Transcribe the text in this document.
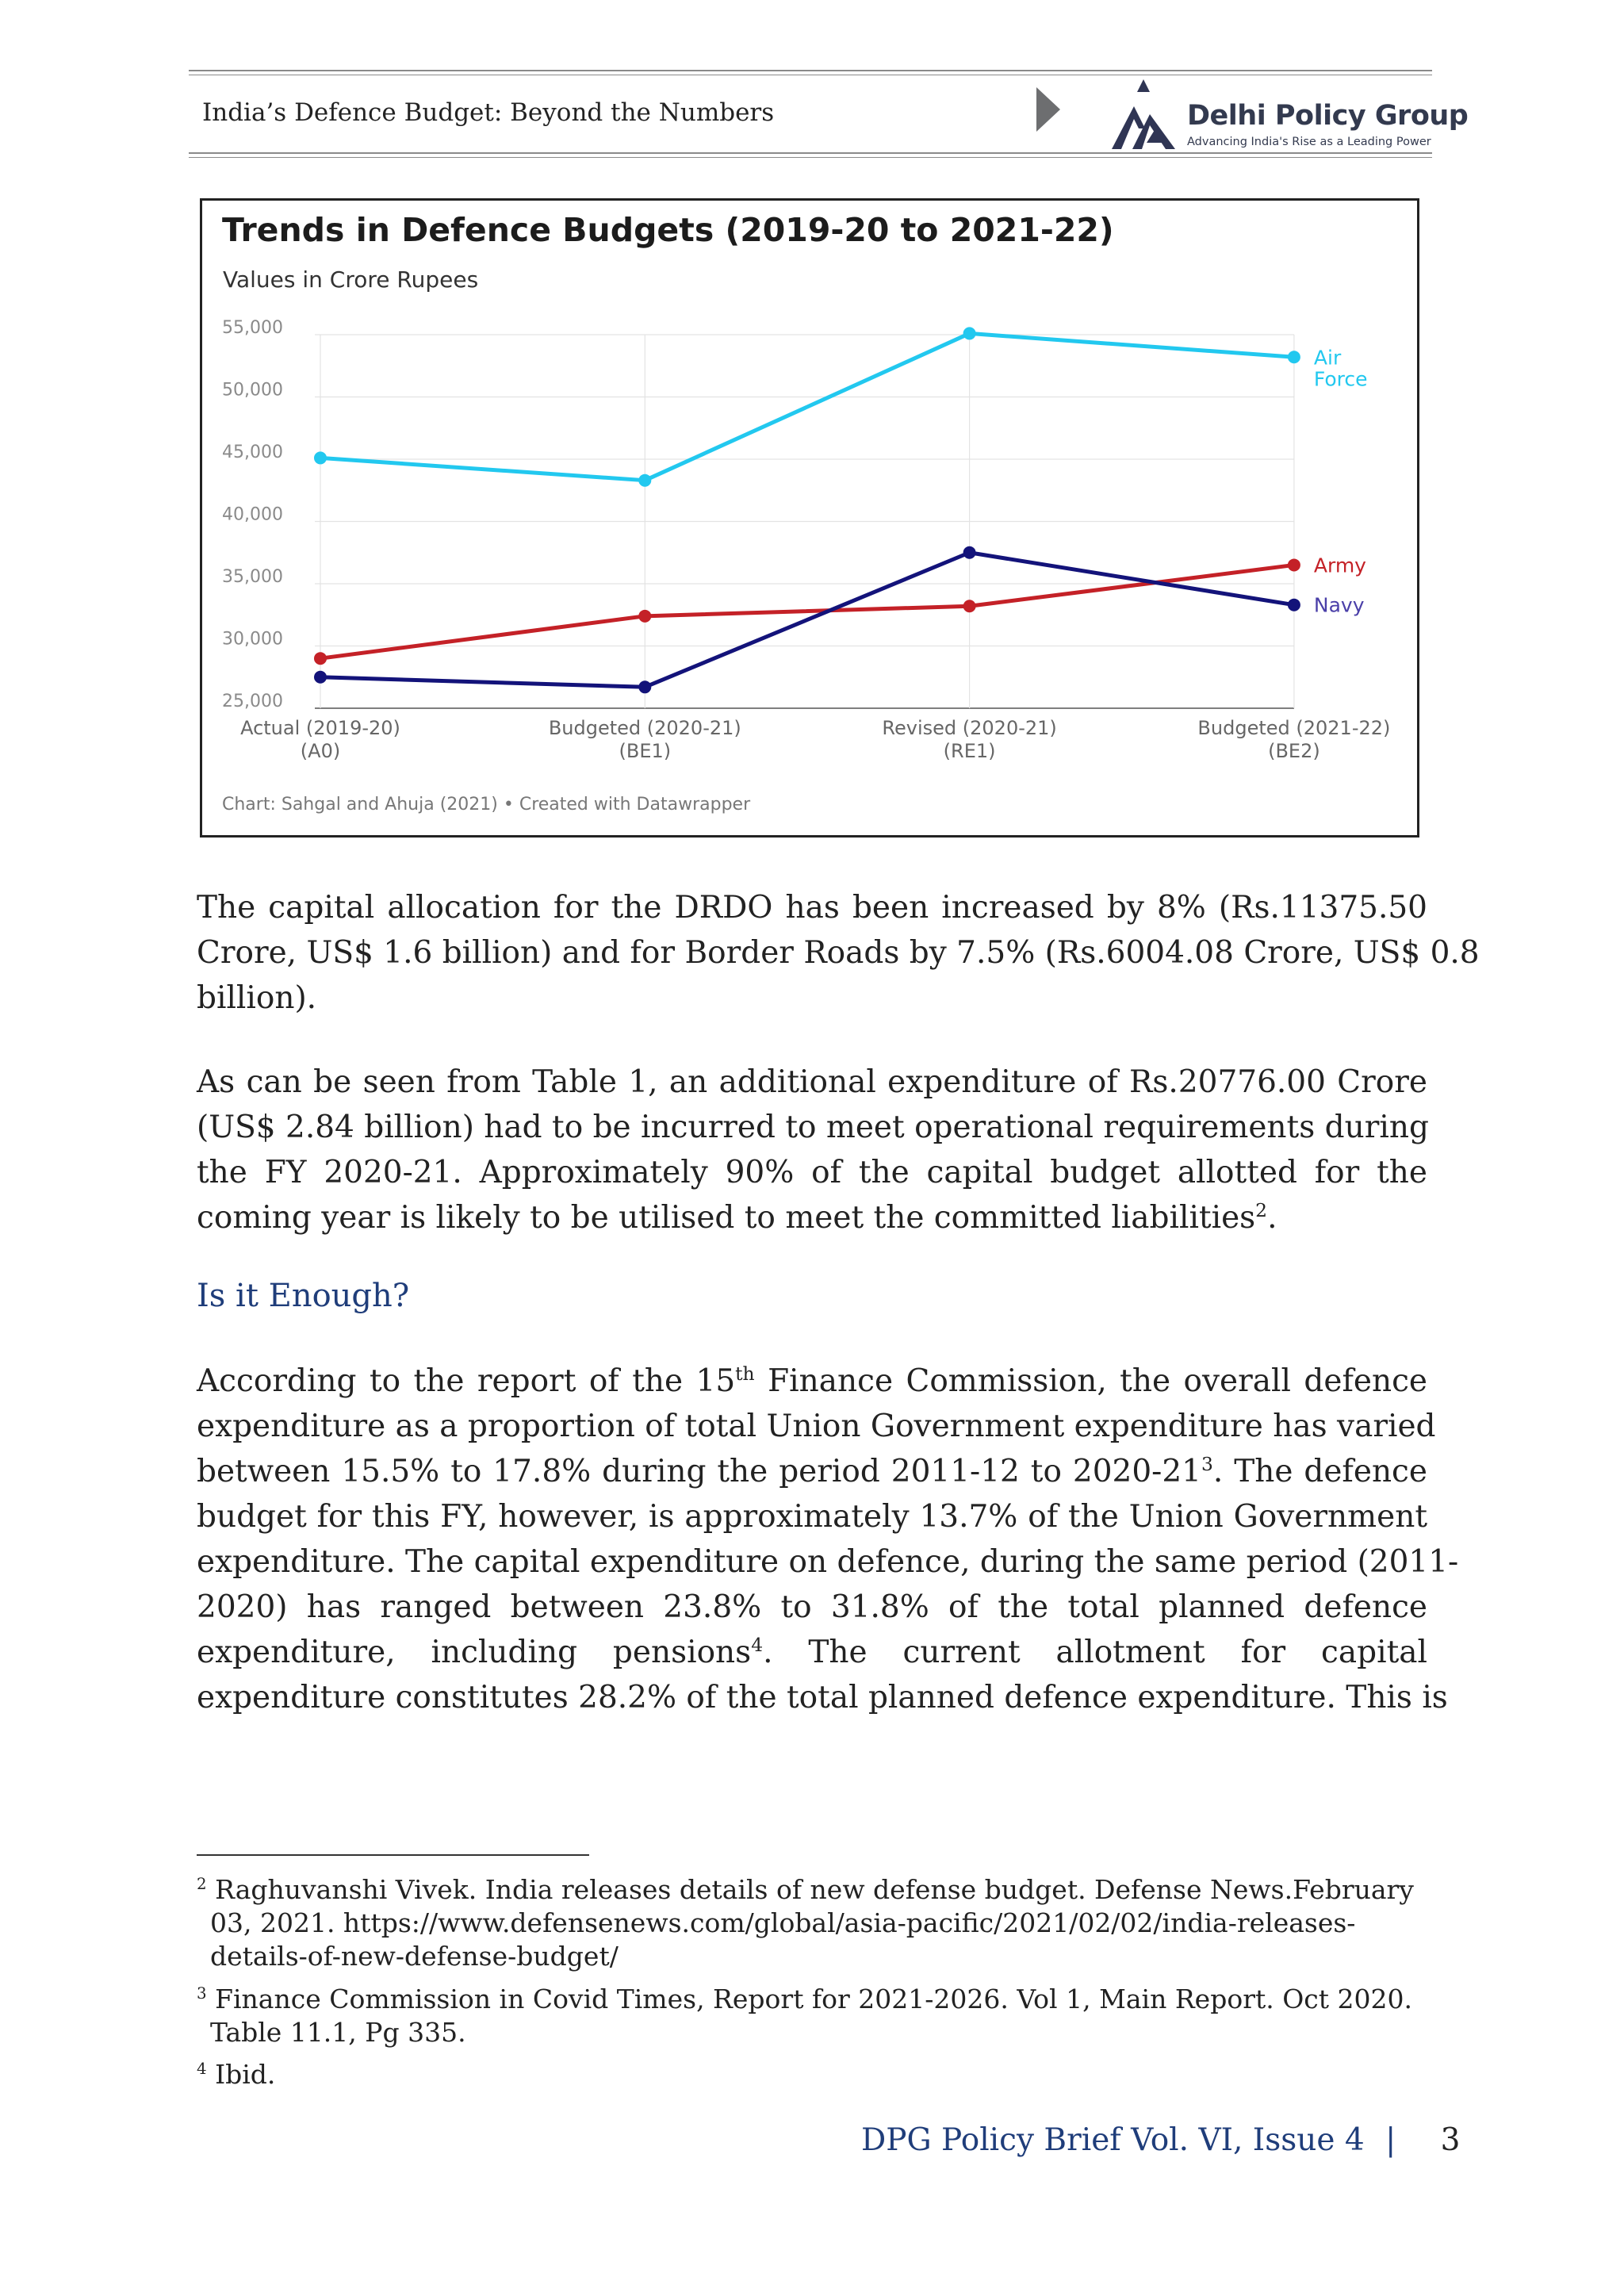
India’s Defence Budget: Beyond the Numbers	Delhi Policy Group
Advancing India's Rise as a Leading Power
Trends in Defence Budgets (2019-20 to 2021-22)
Values in Crore Rupees
55,000
50,000
45,000
40,000
35,000
30,000
25,000
Actual (2019-20)
(A0)
Budgeted (2020-21)
(BE1)
Revised (2020-21)
(RE1)
Budgeted (2021-22)
(BE2)
Air
Force
Army
Navy
Chart: Sahgal and Ahuja (2021) • Created with Datawrapper
The capital allocation for the DRDO has been increased by 8% (Rs.11375.50
Crore, US$ 1.6 billion) and for Border Roads by 7.5% (Rs.6004.08 Crore, US$ 0.8
billion).
As can be seen from Table 1, an additional expenditure of Rs.20776.00 Crore
(US$ 2.84 billion) had to be incurred to meet operational requirements during
the FY 2020-21. Approximately 90% of the capital budget allotted for the
coming year is likely to be utilised to meet the committed liabilities$^2$.
Is it Enough?
According to the report of the 15th Finance Commission, the overall defence
expenditure as a proportion of total Union Government expenditure has varied
between 15.5% to 17.8% during the period 2011-12 to $2020-21^3$. The defence
budget for this FY, however, is approximately 13.7% of the Union Government
expenditure. The capital expenditure on defence, during the same period (2011-
2020) has ranged between 23.8% to 31.8% of the total planned defence
expenditure, including pensions$^4$. The current allotment for capital
expenditure constitutes 28.2% of the total planned defence expenditure. This is
$^2$ Raghuvanshi Vivek. India releases details of new defense budget. Defense News.February
03, 2021. https://www.defensenews.com/global/asia-pacific/2021/02/02/india-releases-
details-of-new-defense-budget/
$^3$ Finance Commission in Covid Times, Report for 2021-2026. Vol 1, Main Report. Oct 2020.
Table 11.1, Pg 335.
$^4$ Ibid.
DPG Policy Brief Vol. VI, Issue 4 | 3
